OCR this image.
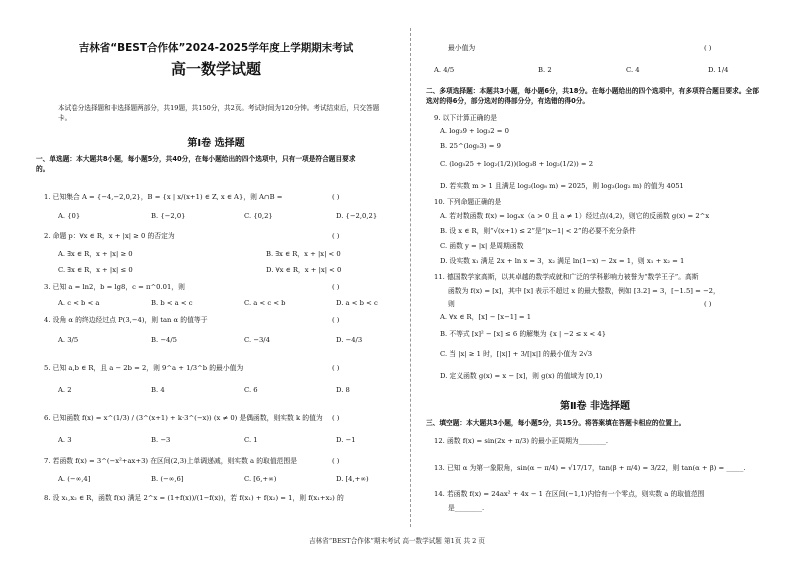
吉林省“BEST合作体”2024-2025学年度上学期期末考试
高一数学试题
本试卷分选择题和非选择题两部分，共19题，共150分，共2页。考试时间为120分钟。考试结束后，只交答题卡。
第Ⅰ卷 选择题
一、单选题：本大题共8小题，每小题5分，共40分，在每小题给出的四个选项中，只有一项是符合题目要求的。
1. 已知集合 A = {−4,−2,0,2}，B = {x | x/(x+1) ∈ Z, x ∈ A}，则 A∩B =	( )
A. {0}	B. {−2,0}	C. {0,2}	D. {−2,0,2}
2. 命题 p：∀x ∈ R，x + |x| ≥ 0 的否定为	( )
A. ∃x ∈ R，x + |x| ≥ 0	B. ∃x ∈ R，x + |x| < 0
C. ∃x ∈ R，x + |x| ≤ 0	D. ∀x ∈ R，x + |x| < 0
3. 已知 a = ln2，b = lg8，c = π^0.01，则	( )
A. c < b < a	B. b < a < c	C. a < c < b	D. a < b < c
4. 设角 α 的终边经过点 P(3,−4)，则 tan α 的值等于	( )
A. 3/5	B. −4/5	C. −3/4	D. −4/3
5. 已知 a,b ∈ R，且 a − 2b = 2，则 9^a + 1/3^b 的最小值为	( )
A. 2	B. 4	C. 6	D. 8
6. 已知函数 f(x) = x^(1/3) / (3^(x+1) + k·3^(−x)) (x ≠ 0) 是偶函数，则实数 k 的值为 ( )
A. 3	B. −3	C. 1	D. −1
7. 若函数 f(x) = 3^(−x²+ax+3) 在区间(2,3)上单调递减，则实数 a 的取值范围是	( )
A. (−∞,4]	B. (−∞,6]	C. [6,+∞)	D. [4,+∞)
8. 设 x₁,x₂ ∈ R，函数 f(x) 满足 2^x = (1+f(x))/(1−f(x))，若 f(x₁) + f(x₂) = 1，则 f(x₁+x₂) 的
最小值为	( )
A. 4/5	B. 2	C. 4	D. 1/4
二、多项选择题：本题共3小题，每小题6分，共18分。在每小题给出的四个选项中，有多项符合题目要求。全部选对的得6分，部分选对的得部分分，有选错的得0分。
9. 以下计算正确的是
A. log₃9 + log₃2 = 0
B. 25^(log₅3) = 9
C. (log₅25 + log₂(1/2))(log₃8 + log₂(1/2)) = 2
D. 若实数 m > 1 且满足 log₂(log₈ m) = 2025，则 log₃(log₂ m) 的值为 4051
10. 下列命题正确的是
A. 若对数函数 f(x) = logₐx（a > 0 且 a ≠ 1）经过点(4,2)，则它的反函数 g(x) = 2^x
B. 设 x ∈ R，则“√(x+1) ≤ 2”是“|x−1| < 2”的必要不充分条件
C. 函数 y = |x| 是周期函数
D. 设实数 x₁ 满足 2x + ln x = 3，x₂ 满足 ln(1−x) − 2x = 1，则 x₁ + x₂ = 1
11. 德国数学家高斯，以其卓越的数学成就和广泛的学科影响力被誉为“数学王子”。高斯
函数为 f(x) = [x]，其中 [x] 表示不超过 x 的最大整数，例如 [3.2] = 3，[−1.5] = −2，
则	( )
A. ∀x ∈ R，[x] − [x−1] = 1
B. 不等式 [x]² − [x] ≤ 6 的解集为 {x | −2 ≤ x < 4}
C. 当 |x| ≥ 1 时，[|x|] + 3/[|x|] 的最小值为 2√3
D. 定义函数 g(x) = x − [x]，则 g(x) 的值域为 [0,1)
第Ⅱ卷 非选择题
三、填空题：本大题共3小题，每小题5分，共15分。将答案填在答题卡相应的位置上。
12. 函数 f(x) = sin(2x + π/3) 的最小正周期为________.
13. 已知 α 为第一象限角，sin(α − π/4) = √17/17，tan(β + π/4) = 3/22，则 tan(α + β) = _____.
14. 若函数 f(x) = 24ax² + 4x − 1 在区间(−1,1)内恰有一个零点，则实数 a 的取值范围
是________.
吉林省“BEST合作体”期末考试 高一数学试题 第1页 共 2 页
